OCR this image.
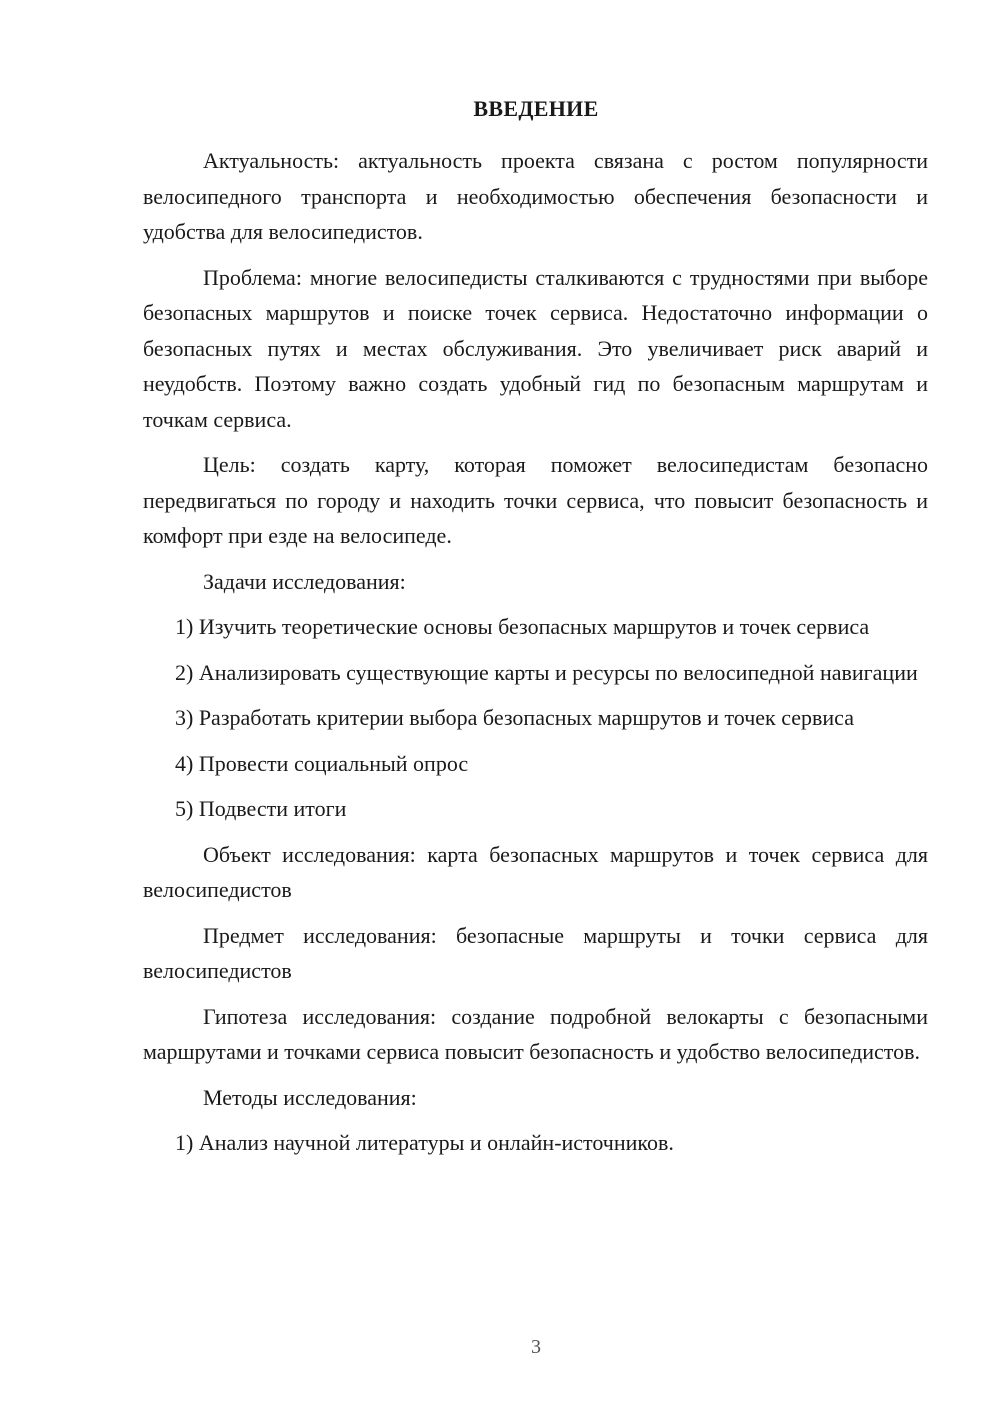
ВВЕДЕНИЕ

Актуальность: актуальность проекта связана с ростом популярности велосипедного транспорта и необходимостью обеспечения безопасности и удобства для велосипедистов.

Проблема: многие велосипедисты сталкиваются с трудностями при выборе безопасных маршрутов и поиске точек сервиса. Недостаточно информации о безопасных путях и местах обслуживания. Это увеличивает риск аварий и неудобств. Поэтому важно создать удобный гид по безопасным маршрутам и точкам сервиса.

Цель: создать карту, которая поможет велосипедистам безопасно передвигаться по городу и находить точки сервиса, что повысит безопасность и комфорт при езде на велосипеде.

Задачи исследования:

1) Изучить теоретические основы безопасных маршрутов и точек сервиса

2) Анализировать существующие карты и ресурсы по велосипедной навигации

3) Разработать критерии выбора безопасных маршрутов и точек сервиса

4) Провести социальный опрос

5) Подвести итоги

Объект исследования: карта безопасных маршрутов и точек сервиса для велосипедистов

Предмет исследования: безопасные маршруты и точки сервиса для велосипедистов

Гипотеза исследования: создание подробной велокарты с безопасными маршрутами и точками сервиса повысит безопасность и удобство велосипедистов.

Методы исследования:

1) Анализ научной литературы и онлайн-источников.

3
